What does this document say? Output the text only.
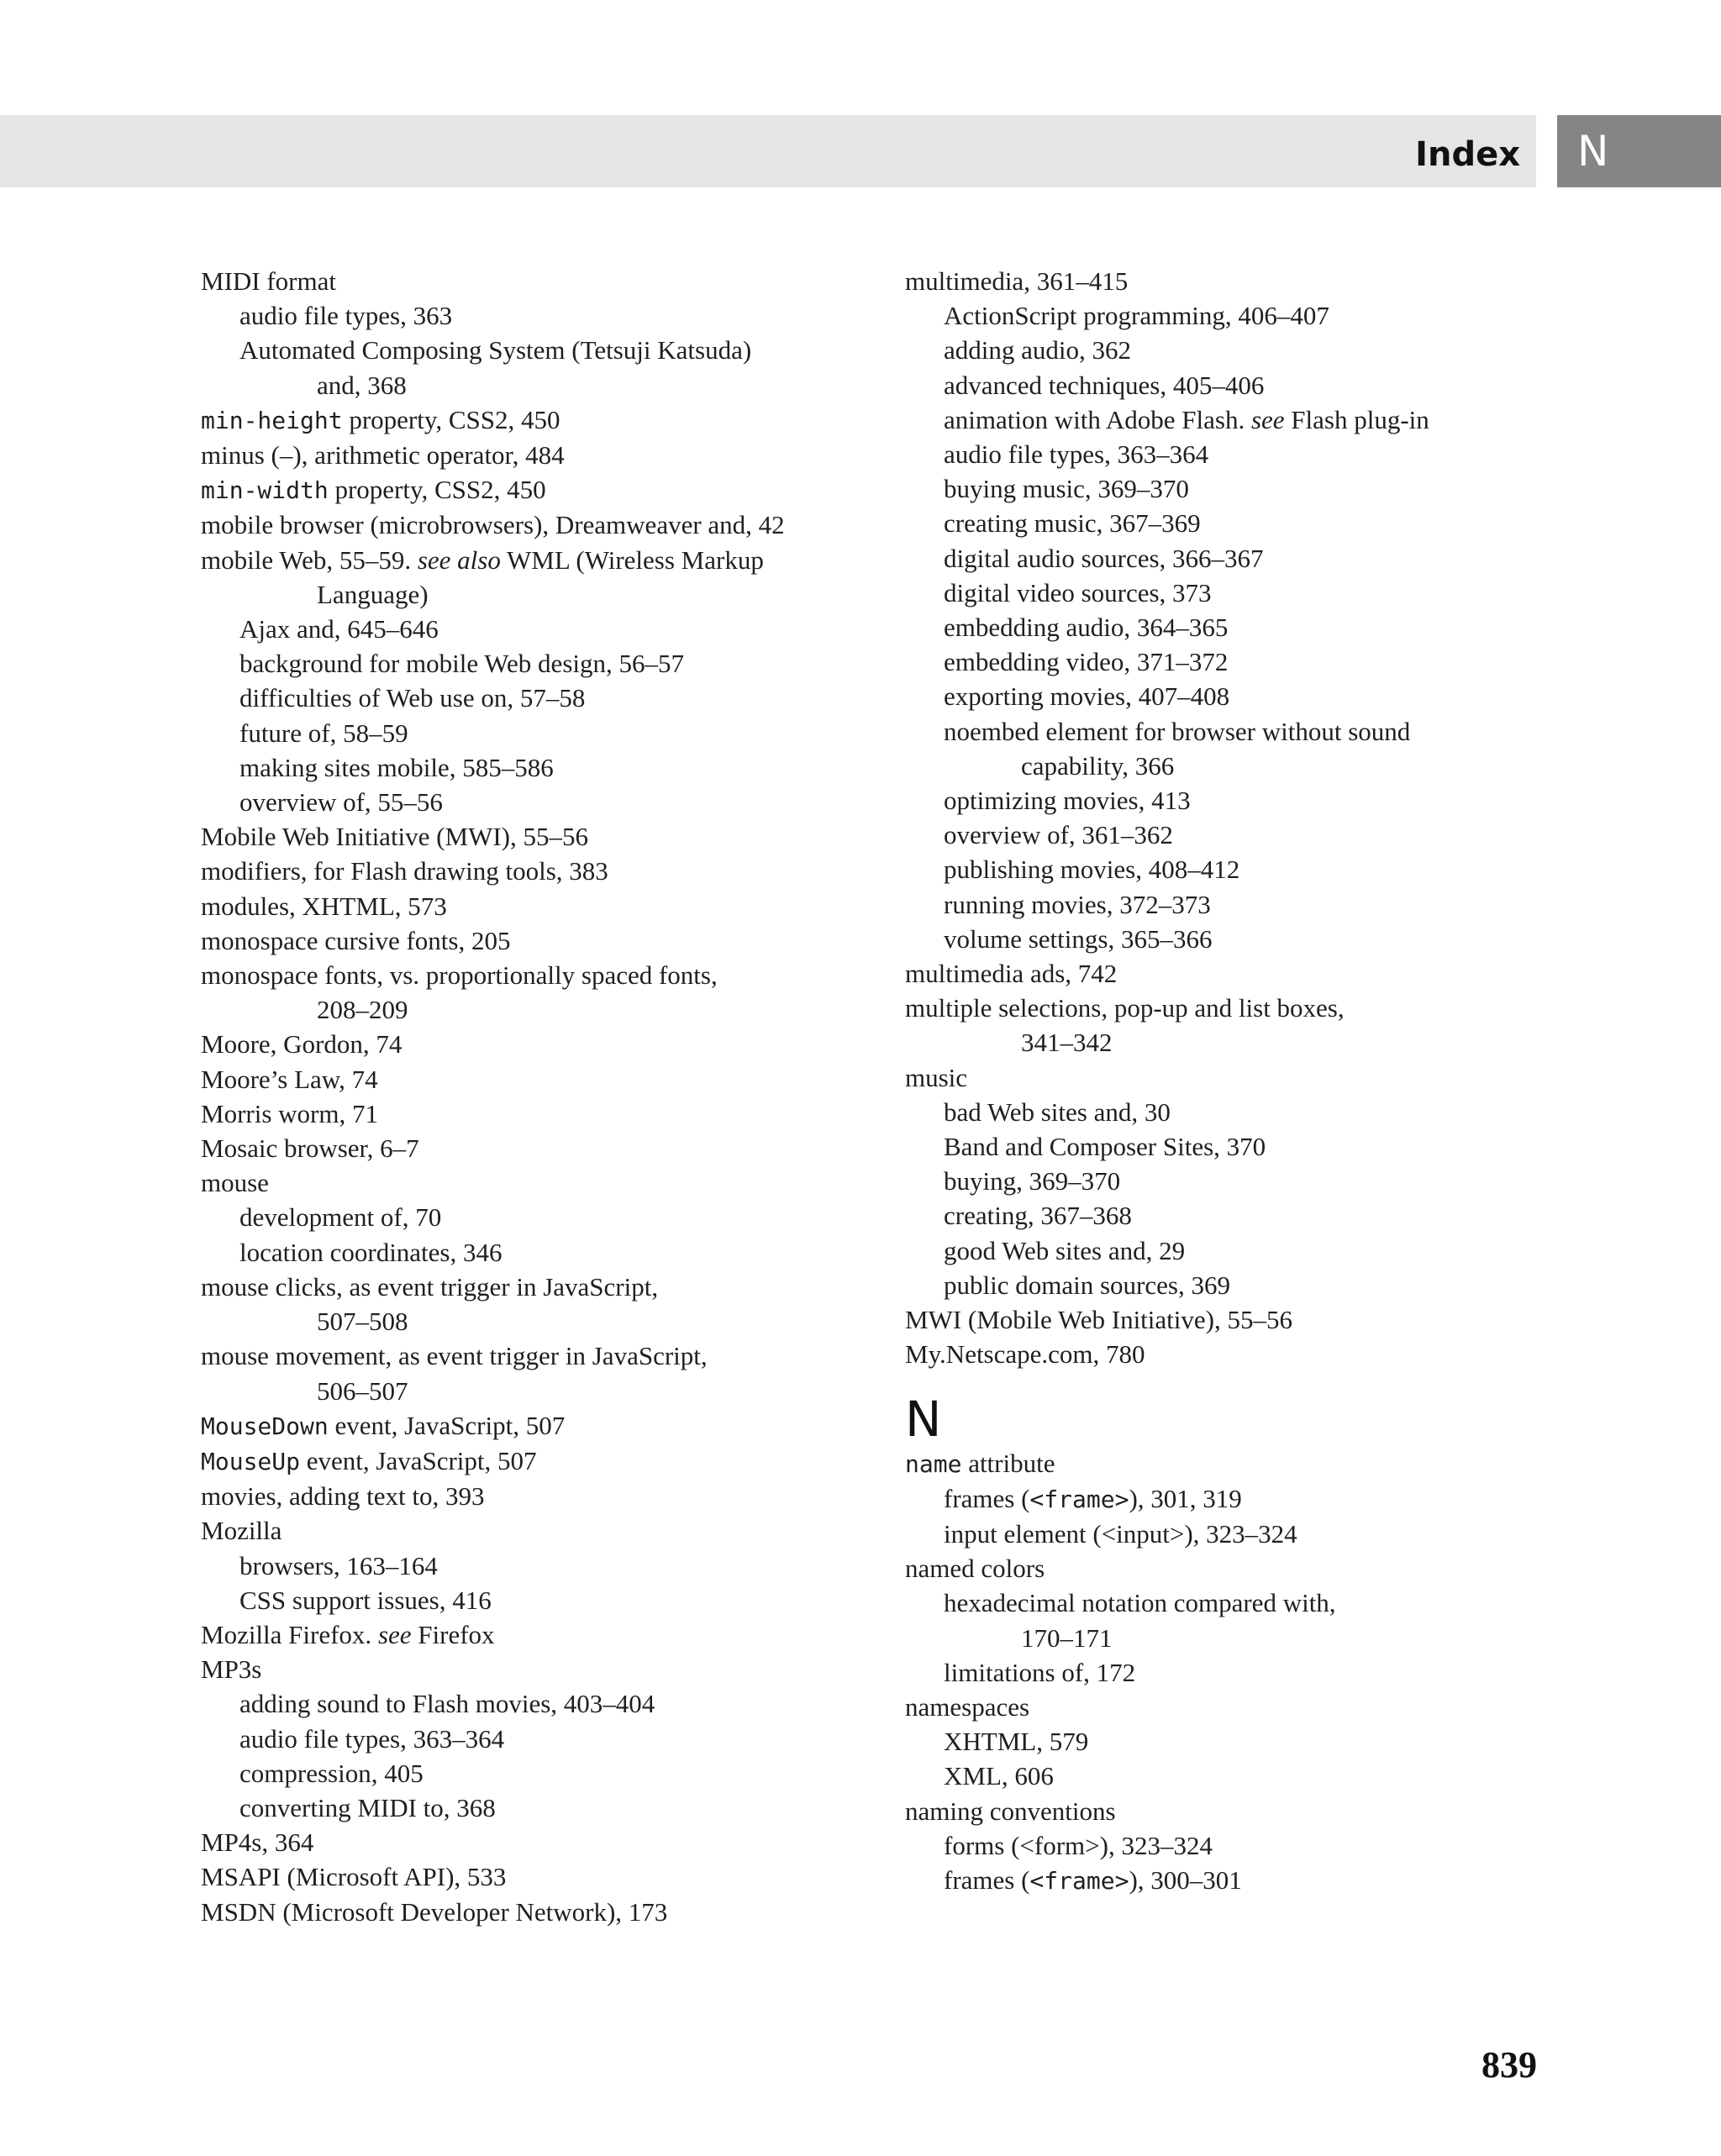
Index N
MIDI format
audio file types, 363
Automated Composing System (Tetsuji Katsuda)
and, 368
min-height property, CSS2, 450
minus (–), arithmetic operator, 484
min-width property, CSS2, 450
mobile browser (microbrowsers), Dreamweaver and, 42
mobile Web, 55–59. see also WML (Wireless Markup
Language)
Ajax and, 645–646
background for mobile Web design, 56–57
difficulties of Web use on, 57–58
future of, 58–59
making sites mobile, 585–586
overview of, 55–56
Mobile Web Initiative (MWI), 55–56
modifiers, for Flash drawing tools, 383
modules, XHTML, 573
monospace cursive fonts, 205
monospace fonts, vs. proportionally spaced fonts,
208–209
Moore, Gordon, 74
Moore’s Law, 74
Morris worm, 71
Mosaic browser, 6–7
mouse
development of, 70
location coordinates, 346
mouse clicks, as event trigger in JavaScript,
507–508
mouse movement, as event trigger in JavaScript,
506–507
MouseDown event, JavaScript, 507
MouseUp event, JavaScript, 507
movies, adding text to, 393
Mozilla
browsers, 163–164
CSS support issues, 416
Mozilla Firefox. see Firefox
MP3s
adding sound to Flash movies, 403–404
audio file types, 363–364
compression, 405
converting MIDI to, 368
MP4s, 364
MSAPI (Microsoft API), 533
MSDN (Microsoft Developer Network), 173
multimedia, 361–415
ActionScript programming, 406–407
adding audio, 362
advanced techniques, 405–406
animation with Adobe Flash. see Flash plug-in
audio file types, 363–364
buying music, 369–370
creating music, 367–369
digital audio sources, 366–367
digital video sources, 373
embedding audio, 364–365
embedding video, 371–372
exporting movies, 407–408
noembed element for browser without sound
capability, 366
optimizing movies, 413
overview of, 361–362
publishing movies, 408–412
running movies, 372–373
volume settings, 365–366
multimedia ads, 742
multiple selections, pop-up and list boxes,
341–342
music
bad Web sites and, 30
Band and Composer Sites, 370
buying, 369–370
creating, 367–368
good Web sites and, 29
public domain sources, 369
MWI (Mobile Web Initiative), 55–56
My.Netscape.com, 780
N
name attribute
frames (<frame>), 301, 319
input element (<input>), 323–324
named colors
hexadecimal notation compared with,
170–171
limitations of, 172
namespaces
XHTML, 579
XML, 606
naming conventions
forms (<form>), 323–324
frames (<frame>), 300–301
839
